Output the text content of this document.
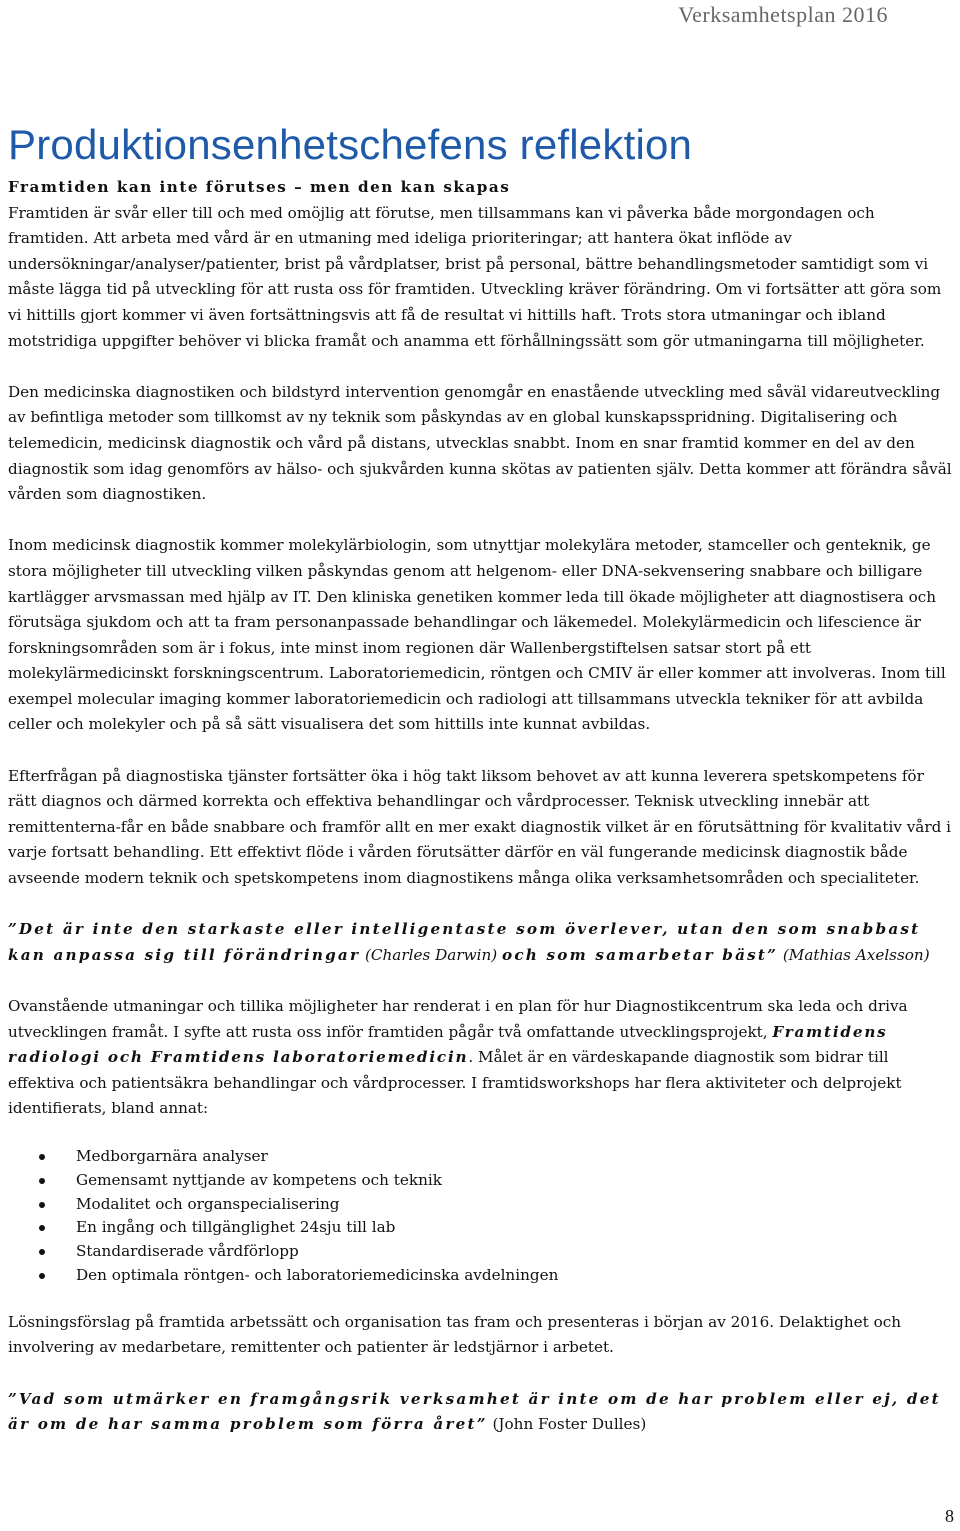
Verksamhetsplan 2016
Produktionsenhetschefens reflektion

Framtiden kan inte förutses – men den kan skapas

Framtiden är svår eller till och med omöjlig att förutse, men tillsammans kan vi påverka både morgondagen och framtiden. Att arbeta med vård är en utmaning med ideliga prioriteringar; att hantera ökat inflöde av undersökningar/analyser/patienter, brist på vårdplatser, brist på personal, bättre behandlingsmetoder samtidigt som vi måste lägga tid på utveckling för att rusta oss för framtiden. Utveckling kräver förändring. Om vi fortsätter att göra som vi hittills gjort kommer vi även fortsättningsvis att få de resultat vi hittills haft. Trots stora utmaningar och ibland motstridiga uppgifter behöver vi blicka framåt och anamma ett förhållningssätt som gör utmaningarna till möjligheter.

Den medicinska diagnostiken och bildstyrd intervention genomgår en enastående utveckling med såväl vidareutveckling av befintliga metoder som tillkomst av ny teknik som påskyndas av en global kunskapsspridning. Digitalisering och telemedicin, medicinsk diagnostik och vård på distans, utvecklas snabbt. Inom en snar framtid kommer en del av den diagnostik som idag genomförs av hälso- och sjukvården kunna skötas av patienten själv. Detta kommer att förändra såväl vården som diagnostiken.

Inom medicinsk diagnostik kommer molekylärbiologin, som utnyttjar molekylära metoder, stamceller och genteknik, ge stora möjligheter till utveckling vilken påskyndas genom att helgenom- eller DNA-sekvensering snabbare och billigare kartlägger arvsmassan med hjälp av IT. Den kliniska genetiken kommer leda till ökade möjligheter att diagnostisera och förutsäga sjukdom och att ta fram personanpassade behandlingar och läkemedel. Molekylärmedicin och lifescience är forskningsområden som är i fokus, inte minst inom regionen där Wallenbergstiftelsen satsar stort på ett molekylärmedicinskt forskningscentrum. Laboratoriemedicin, röntgen och CMIV är eller kommer att involveras. Inom till exempel molecular imaging kommer laboratoriemedicin och radiologi att tillsammans utveckla tekniker för att avbilda celler och molekyler och på så sätt visualisera det som hittills inte kunnat avbildas.

Efterfrågan på diagnostiska tjänster fortsätter öka i hög takt liksom behovet av att kunna leverera spetskompetens för rätt diagnos och därmed korrekta och effektiva behandlingar och vårdprocesser. Teknisk utveckling innebär att remittenterna-får en både snabbare och framför allt en mer exakt diagnostik vilket är en förutsättning för kvalitativ vård i varje fortsatt behandling. Ett effektivt flöde i vården förutsätter därför en väl fungerande medicinsk diagnostik både avseende modern teknik och spetskompetens inom diagnostikens många olika verksamhetsområden och specialiteter.

”Det är inte den starkaste eller intelligentaste som överlever, utan den som snabbast kan anpassa sig till förändringar (Charles Darwin) och som samarbetar bäst” (Mathias Axelsson)

Ovanstående utmaningar och tillika möjligheter har renderat i en plan för hur Diagnostikcentrum ska leda och driva utvecklingen framåt. I syfte att rusta oss inför framtiden pågår två omfattande utvecklingsprojekt, Framtidens radiologi och Framtidens laboratoriemedicin. Målet är en värdeskapande diagnostik som bidrar till effektiva och patientsäkra behandlingar och vårdprocesser. I framtidsworkshops har flera aktiviteter och delprojekt identifierats, bland annat:

Medborgarnära analyser
Gemensamt nyttjande av kompetens och teknik
Modalitet och organspecialisering
En ingång och tillgänglighet 24sju till lab
Standardiserade vårdförlopp
Den optimala röntgen- och laboratoriemedicinska avdelningen

Lösningsförslag på framtida arbetssätt och organisation tas fram och presenteras i början av 2016. Delaktighet och involvering av medarbetare, remittenter och patienter är ledstjärnor i arbetet.

”Vad som utmärker en framgångsrik verksamhet är inte om de har problem eller ej, det är om de har samma problem som förra året” (John Foster Dulles)

8
